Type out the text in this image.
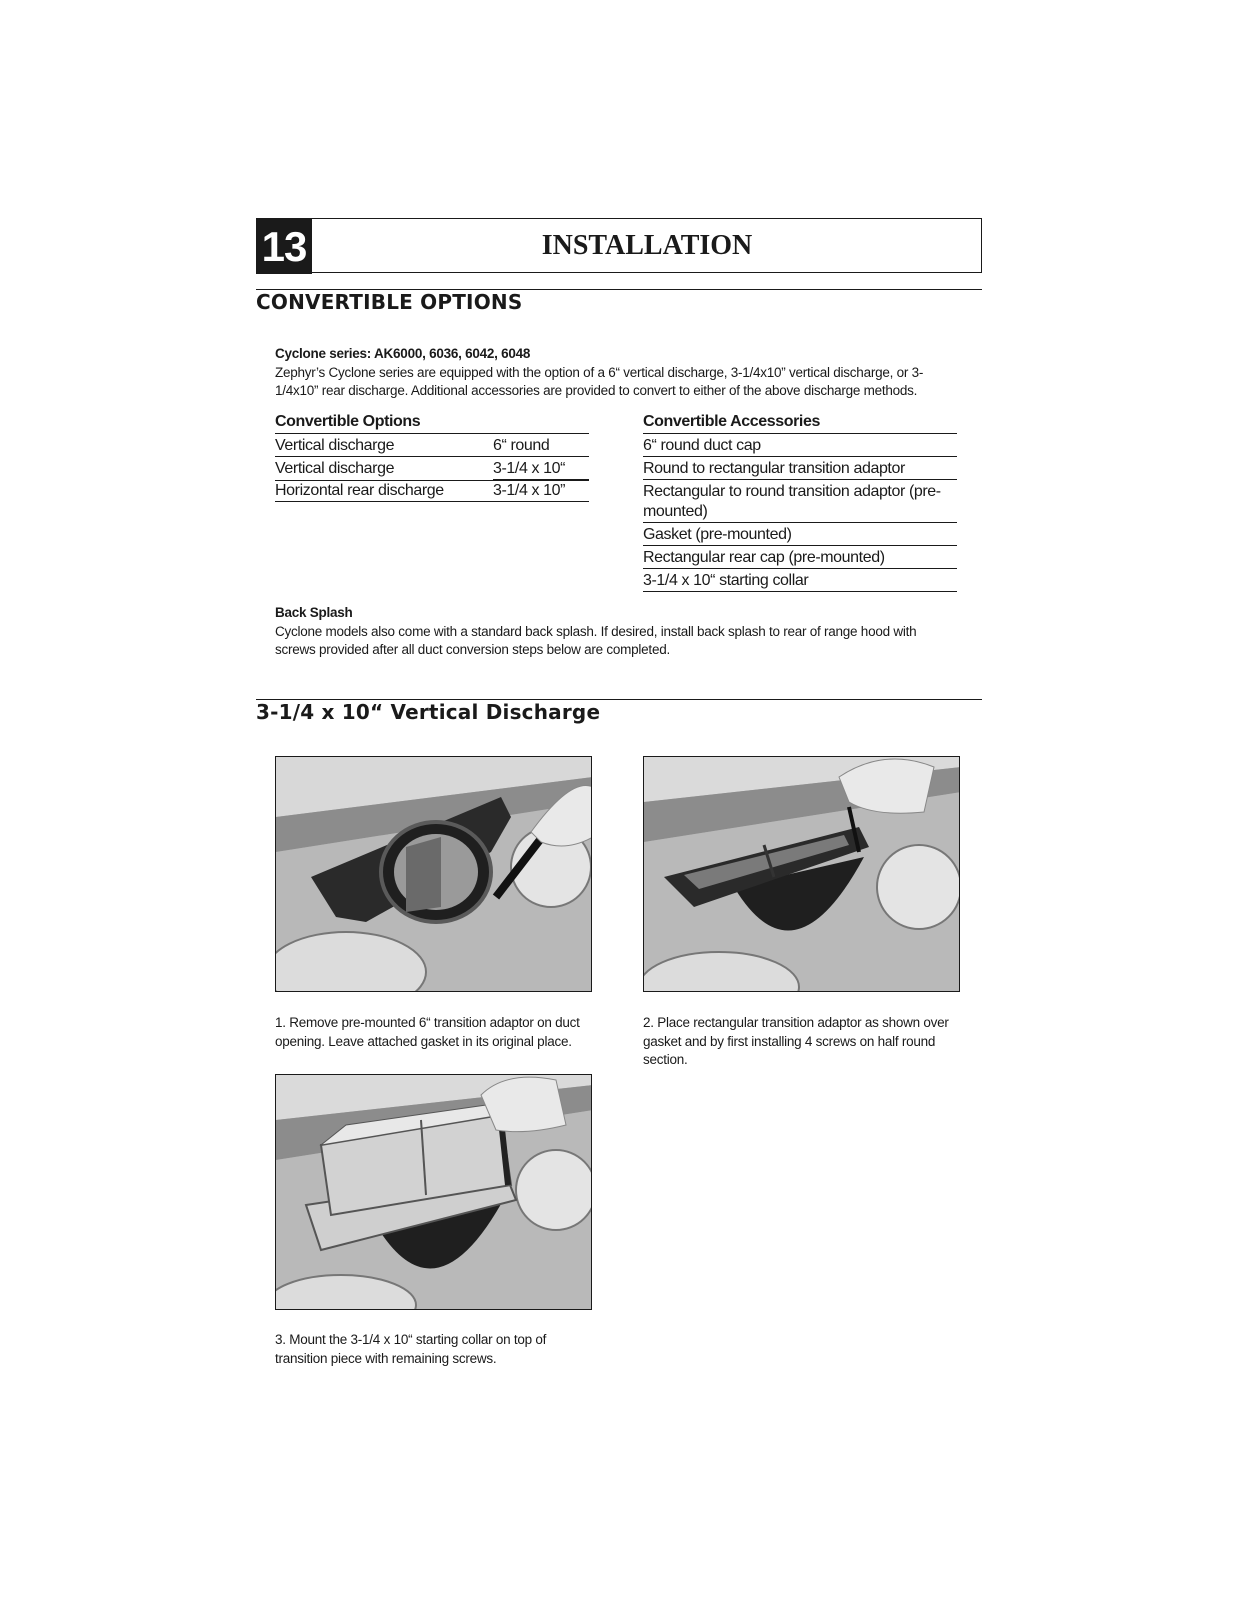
13	INSTALLATION
CONVERTIBLE OPTIONS
Cyclone series: AK6000, 6036, 6042, 6048
Zephyr’s Cyclone series are equipped with the option of a 6“ vertical discharge, 3-1/4x10” vertical discharge, or 3-
1/4x10” rear discharge. Additional accessories are provided to convert to either of the above discharge methods.
Convertible Options
Vertical discharge	6“ round
Vertical discharge	3-1/4 x 10“
Horizontal rear discharge	3-1/4 x 10”
Convertible Accessories
6“ round duct cap
Round to rectangular transition adaptor
Rectangular to round transition adaptor (pre-
mounted)
Gasket (pre-mounted)
Rectangular rear cap (pre-mounted)
3-1/4 x 10“ starting collar
Back Splash
Cyclone models also come with a standard back splash. If desired, install back splash to rear of range hood with
screws provided after all duct conversion steps below are completed.
3-1/4 x 10“ Vertical Discharge
1. Remove pre-mounted 6“ transition adaptor on duct
opening. Leave attached gasket in its original place.
2. Place rectangular transition adaptor as shown over
gasket and by first installing 4 screws on half round
section.
3. Mount the 3-1/4 x 10“ starting collar on top of
transition piece with remaining screws.
